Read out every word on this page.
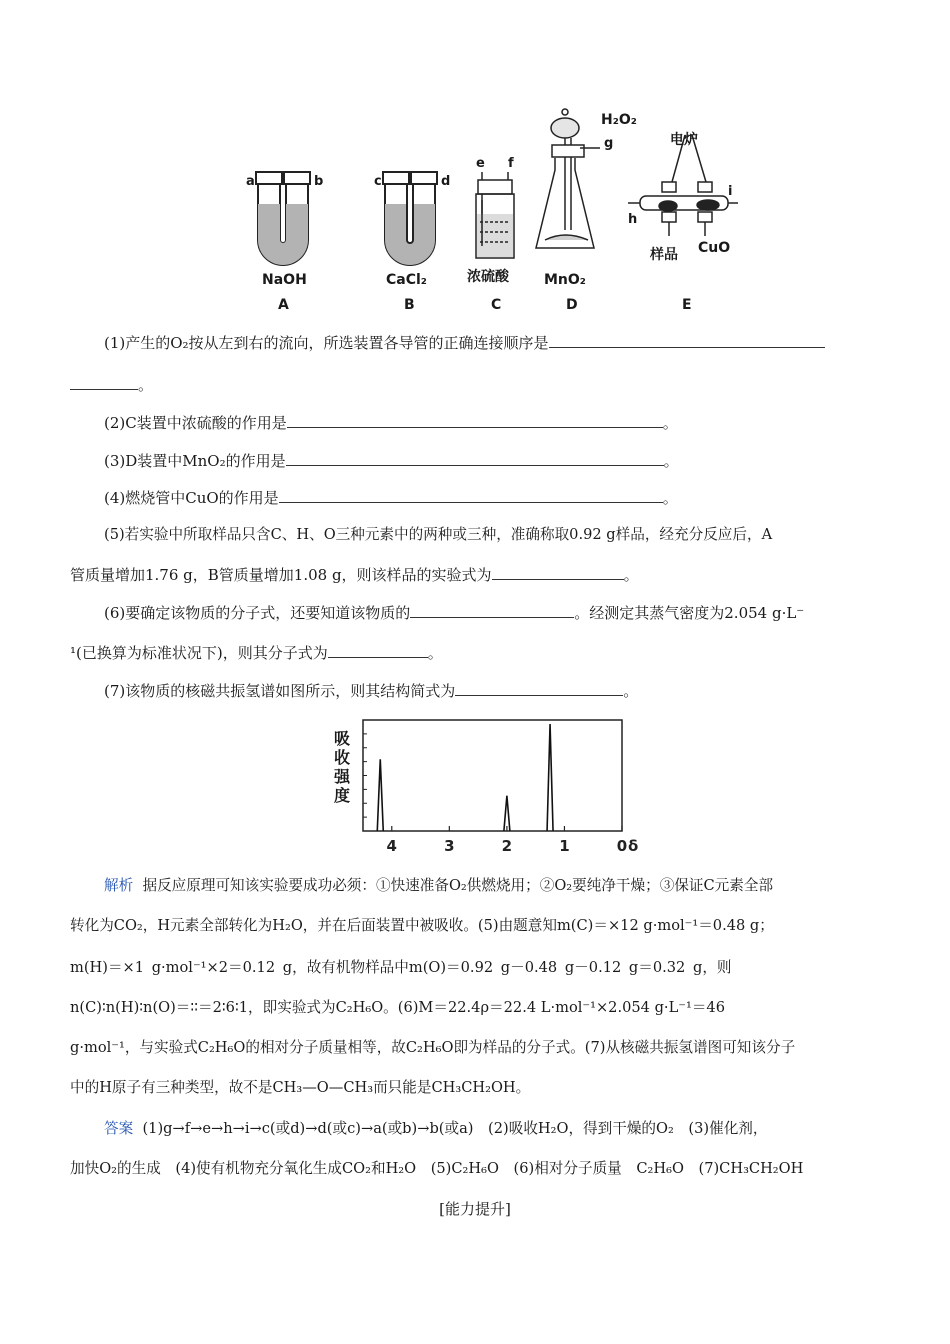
a	b
NaOH
A
c	d
CaCl₂
B
e f
浓硫酸
C
H₂O₂
g
MnO₂
D
电炉
h
i
样品 CuO
E
(1)产生的O₂按从左到右的流向，所选装置各导管的正确连接顺序是
。
(2)C装置中浓硫酸的作用是	。
(3)D装置中MnO₂的作用是	。
(4)燃烧管中CuO的作用是	。
(5)若实验中所取样品只含C、H、O三种元素中的两种或三种，准确称取0.92 g样品，经充分反应后，A
管质量增加1.76 g，B管质量增加1.08 g，则该样品的实验式为	。
(6)要确定该物质的分子式，还要知道该物质的	。经测定其蒸气密度为2.054 g·L⁻
¹(已换算为标准状况下)，则其分子式为	。
(7)该物质的核磁共振氢谱如图所示，则其结构简式为	。
吸
收
强
度
4	3	2	1	0 δ
解析 据反应原理可知该实验要成功必须：①快速准备O₂供燃烧用；②O₂要纯净干燥；③保证C元素全部
转化为CO₂，H元素全部转化为H₂O，并在后面装置中被吸收。(5)由题意知m(C)＝×12 g·mol⁻¹＝0.48 g；
m(H)＝×1 g·mol⁻¹×2＝0.12 g，故有机物样品中m(O)＝0.92 g－0.48 g－0.12 g＝0.32 g，则
n(C)∶n(H)∶n(O)＝∶∶＝2∶6∶1，即实验式为C₂H₆O。(6)M＝22.4ρ＝22.4 L·mol⁻¹×2.054 g·L⁻¹＝46
g·mol⁻¹，与实验式C₂H₆O的相对分子质量相等，故C₂H₆O即为样品的分子式。(7)从核磁共振氢谱图可知该分子
中的H原子有三种类型，故不是CH₃—O—CH₃而只能是CH₃CH₂OH。
答案 (1)g→f→e→h→i→c(或d)→d(或c)→a(或b)→b(或a)　(2)吸收H₂O，得到干燥的O₂　(3)催化剂，
加快O₂的生成　(4)使有机物充分氧化生成CO₂和H₂O　(5)C₂H₆O　(6)相对分子质量　C₂H₆O　(7)CH₃CH₂OH
[能力提升]
